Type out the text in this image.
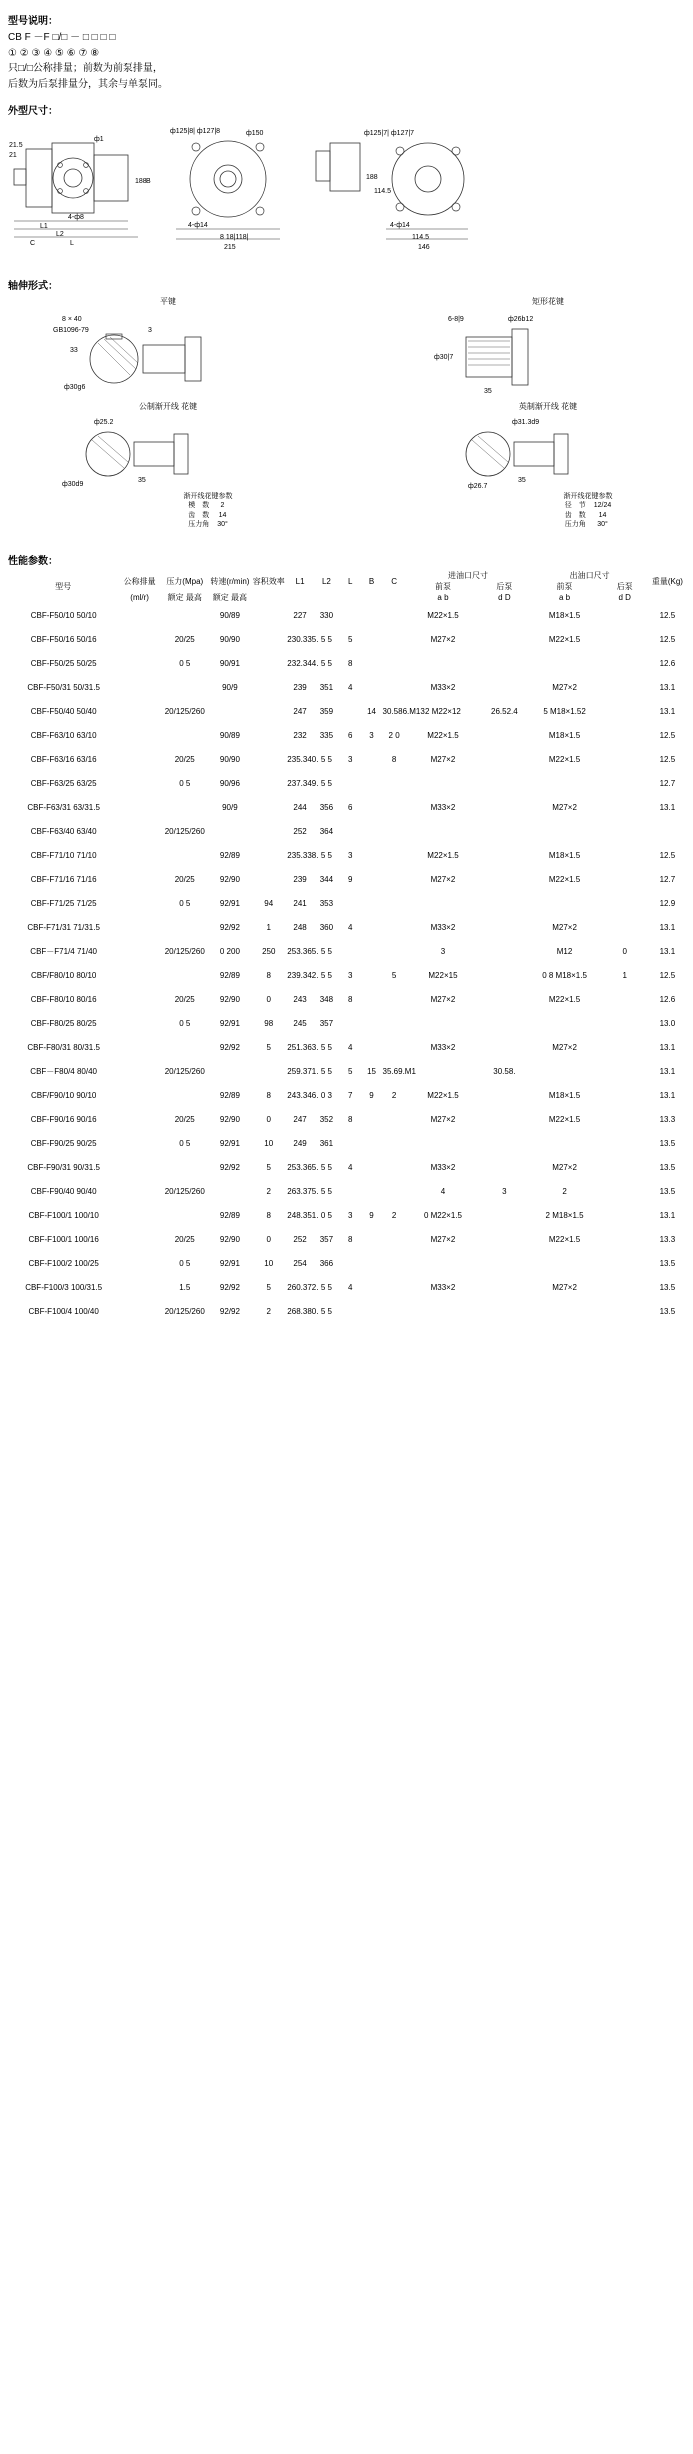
型号说明：
CB F －F □/□ － □ □ □ □
① ② ③ ④ ⑤ ⑥ ⑦ ⑧
只□/□公称排量；前数为前泵排量，
后数为后泵排量分，其余与单泵同。
外型尺寸：
21.5
21
ф1
4-ф8
L1
L2
L
C
188 B
ф125|8| ф127|8	ф150
4-ф14
8 18|118|
215
ф125|7| ф127|7
188
114.5
4-ф14
114.5
146
轴伸形式：
平键
8 × 40
GB1096-79	3
33
ф30g6
矩形花键
6-8|9	ф26b12
ф30|7
35
公制渐开线 花键
ф25.2
35
ф30d9
渐开线花键参数
模　数	2
齿　数	14
压力角	30°
英制渐开线 花键
ф31.3d9
35
ф26.7
渐开线花键参数
径　节	12/24
齿　数	14
压力角	30°
性能参数：
型号	公称排量	压力(Mpa)	转速(r/min)	容积效率	L1	L2	L	B	C	进油口尺寸		出油口尺寸		重量(Kg)
										前泵	后泵	前泵	后泵	
	(ml/r)	额定 最高	额定 最高							a b	d D	a b	d D	
CBF-F50/10 50/10			90/89		227	330				M22×1.5		M18×1.5		12.5
CBF-F50/16 50/16		20/25	90/90		230.335.	5 5	5			M27×2		M22×1.5		12.5
CBF-F50/25 50/25		0 5	90/91		232.344.	5 5	8							12.6
CBF-F50/31 50/31.5			90/9		239	351	4			M33×2		M27×2		13.1
CBF-F50/40 50/40		20/125/260			247	359		14	30.586.M13	2 M22×12	26.52.4	5 M18×1.52		13.1
CBF-F63/10 63/10			90/89		232	335	6	3	2 0	M22×1.5		M18×1.5		12.5
CBF-F63/16 63/16		20/25	90/90		235.340.	5 5	3		8	M27×2		M22×1.5		12.5
CBF-F63/25 63/25		0 5	90/96		237.349.	5 5								12.7
CBF-F63/31 63/31.5			90/9		244	356	6			M33×2		M27×2		13.1
CBF-F63/40 63/40		20/125/260			252	364								
CBF-F71/10 71/10			92/89		235.338.	5 5	3			M22×1.5		M18×1.5		12.5
CBF-F71/16 71/16		20/25	92/90		239	344	9			M27×2		M22×1.5		12.7
CBF-F71/25 71/25		0 5	92/91	94	241	353								12.9
CBF-F71/31 71/31.5			92/92	1	248	360	4			M33×2		M27×2		13.1
CBF－F71/4 71/40		20/125/260	0 200	250	253.365.	5 5				3		M12	0	13.1
CBF/F80/10 80/10			92/89	8	239.342.	5 5	3		5	M22×15		0 8 M18×1.5	1	12.5
CBF-F80/10 80/16		20/25	92/90	0	243	348	8			M27×2		M22×1.5		12.6
CBF-F80/25 80/25		0 5	92/91	98	245	357								13.0
CBF-F80/31 80/31.5			92/92	5	251.363.	5 5	4			M33×2		M27×2		13.1
CBF－F80/4 80/40		20/125/260			259.371.	5 5	5	15	35.69.M1		30.58.			13.1
CBF/F90/10 90/10			92/89	8	243.346.	0 3	7	9	2	M22×1.5		M18×1.5		13.1
CBF-F90/16 90/16		20/25	92/90	0	247	352	8			M27×2		M22×1.5		13.3
CBF-F90/25 90/25		0 5	92/91	10	249	361								13.5
CBF-F90/31 90/31.5			92/92	5	253.365.	5 5	4			M33×2		M27×2		13.5
CBF-F90/40 90/40		20/125/260		2	263.375.	5 5				4	3	2		13.5
CBF-F100/1 100/10			92/89	8	248.351.	0 5	3	9	2	0 M22×1.5		2 M18×1.5		13.1
CBF-F100/1 100/16		20/25	92/90	0	252	357	8			M27×2		M22×1.5		13.3
CBF-F100/2 100/25		0 5	92/91	10	254	366								13.5
CBF-F100/3 100/31.5		1.5	92/92	5	260.372.	5 5	4			M33×2		M27×2		13.5
CBF-F100/4 100/40		20/125/260	92/92	2	268.380.	5 5								13.5
